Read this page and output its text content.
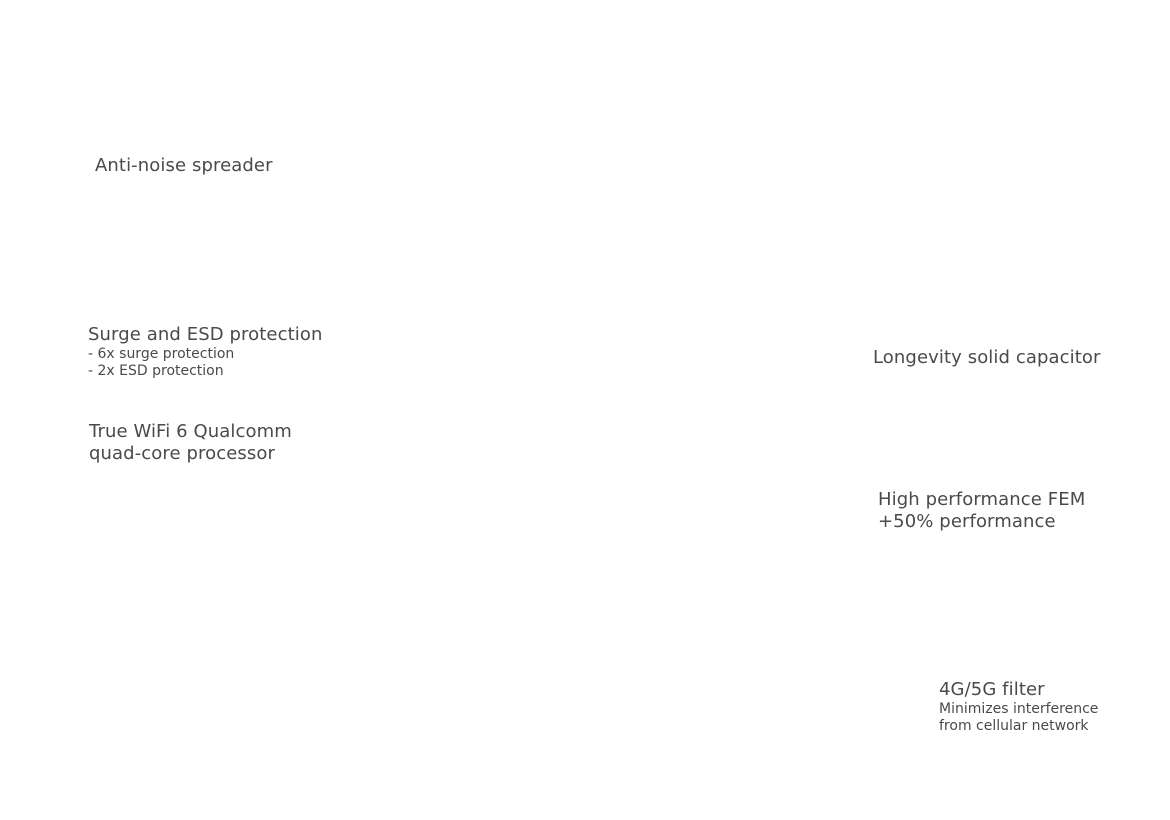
Anti-noise spreader
Surge and ESD protection
- 6x surge protection
- 2x ESD protection
True WiFi 6 Qualcomm
quad-core processor
Longevity solid capacitor
High performance FEM
+50% performance
4G/5G filter
Minimizes interference
from cellular network
